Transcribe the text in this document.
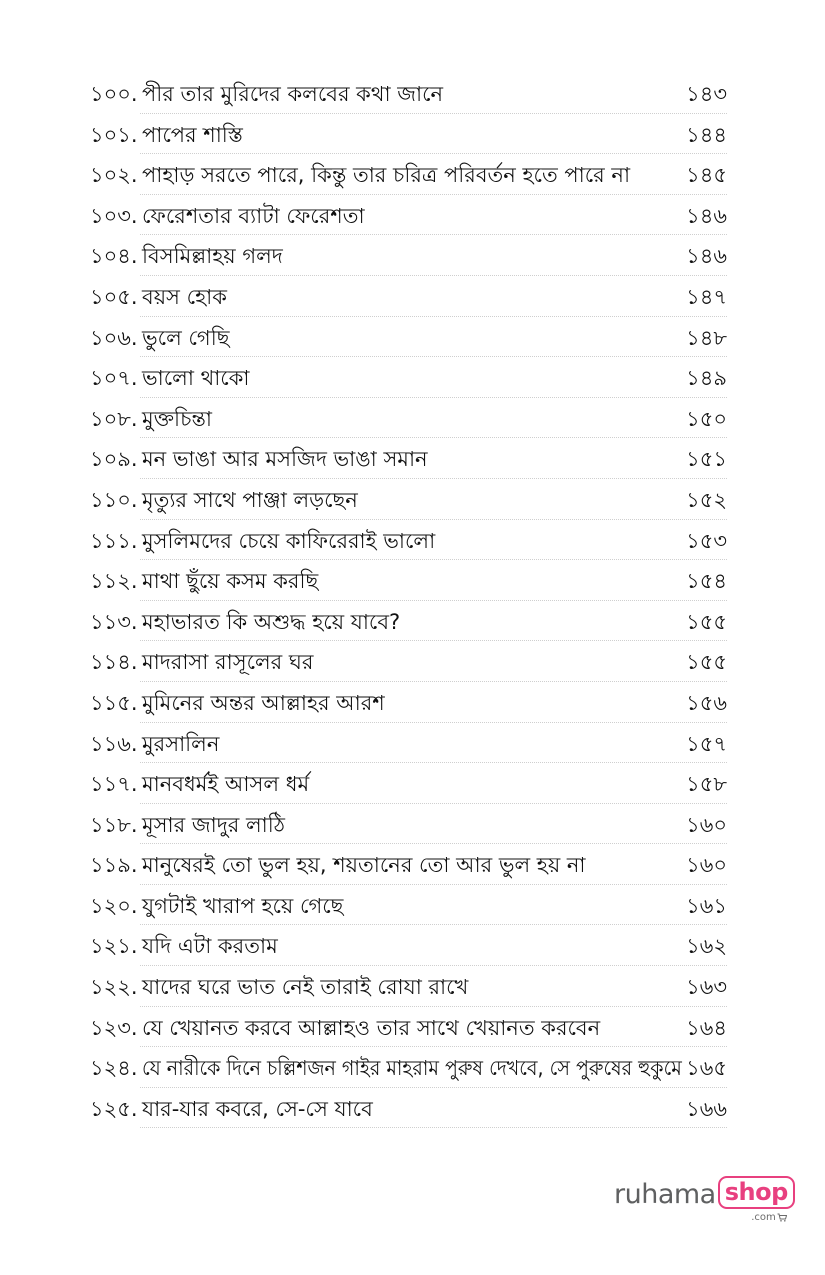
১০০. পীর তার মুরিদের কলবের কথা জানে	১৪৩
১০১. পাপের শাস্তি	১৪৪
১০২. পাহাড় সরতে পারে, কিন্তু তার চরিত্র পরিবর্তন হতে পারে না	১৪৫
১০৩. ফেরেশতার ব্যাটা ফেরেশতা	১৪৬
১০৪. বিসমিল্লাহয় গলদ	১৪৬
১০৫. বয়স হোক	১৪৭
১০৬. ভুলে গেছি	১৪৮
১০৭. ভালো থাকো	১৪৯
১০৮. মুক্তচিন্তা	১৫০
১০৯. মন ভাঙা আর মসজিদ ভাঙা সমান	১৫১
১১০. মৃত্যুর সাথে পাঞ্জা লড়ছেন	১৫২
১১১. মুসলিমদের চেয়ে কাফিরেরাই ভালো	১৫৩
১১২. মাথা ছুঁয়ে কসম করছি	১৫৪
১১৩. মহাভারত কি অশুদ্ধ হয়ে যাবে?	১৫৫
১১৪. মাদরাসা রাসূলের ঘর	১৫৫
১১৫. মুমিনের অন্তর আল্লাহর আরশ	১৫৬
১১৬. মুরসালিন	১৫৭
১১৭. মানবধর্মই আসল ধর্ম	১৫৮
১১৮. মূসার জাদুর লাঠি	১৬০
১১৯. মানুষেরই তো ভুল হয়, শয়তানের তো আর ভুল হয় না	১৬০
১২০. যুগটাই খারাপ হয়ে গেছে	১৬১
১২১. যদি এটা করতাম	১৬২
১২২. যাদের ঘরে ভাত নেই তারাই রোযা রাখে	১৬৩
১২৩. যে খেয়ানত করবে আল্লাহও তার সাথে খেয়ানত করবেন	১৬৪
১২৪. যে নারীকে দিনে চল্লিশজন গাইর মাহরাম পুরুষ দেখবে, সে পুরুষের হুকুমে ১৬৫
১২৫. যার-যার কবরে, সে-সে যাবে	১৬৬
ruhama shop
.com
